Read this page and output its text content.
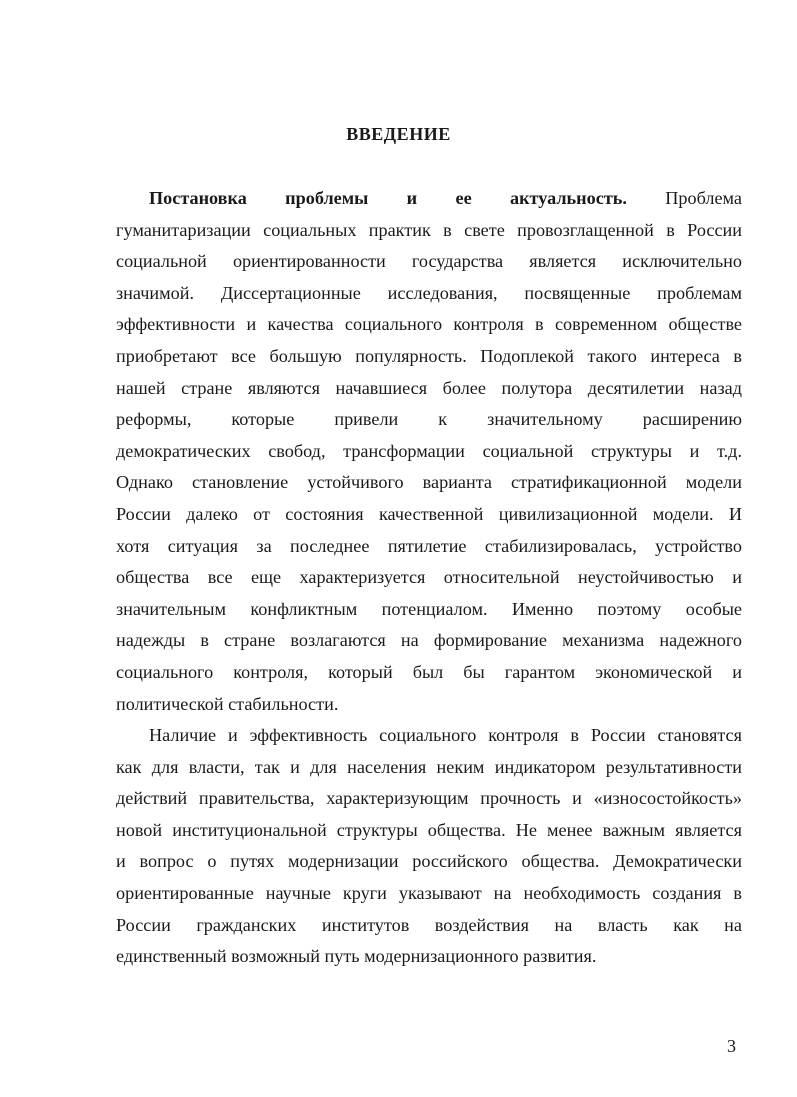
ВВЕДЕНИЕ
Постановка проблемы и ее актуальность. Проблема
гуманитаризации социальных практик в свете провозглащенной в России
социальной ориентированности государства является исключительно
значимой. Диссертационные исследования, посвященные проблемам
эффективности и качества социального контроля в современном обществе
приобретают все большую популярность. Подоплекой такого интереса в
нашей стране являются начавшиеся более полутора десятилетии назад
реформы, которые привели к значительному расширению
демократических свобод, трансформации социальной структуры и т.д.
Однако становление устойчивого варианта стратификационной модели
России далеко от состояния качественной цивилизационной модели. И
хотя ситуация за последнее пятилетие стабилизировалась, устройство
общества все еще характеризуется относительной неустойчивостью и
значительным конфликтным потенциалом. Именно поэтому особые
надежды в стране возлагаются на формирование механизма надежного
социального контроля, который был бы гарантом экономической и
политической стабильности.
Наличие и эффективность социального контроля в России становятся
как для власти, так и для населения неким индикатором результативности
действий правительства, характеризующим прочность и «износостойкость»
новой институциональной структуры общества. Не менее важным является
и вопрос о путях модернизации российского общества. Демократически
ориентированные научные круги указывают на необходимость создания в
России гражданских институтов воздействия на власть как на
единственный возможный путь модернизационного развития.

3
